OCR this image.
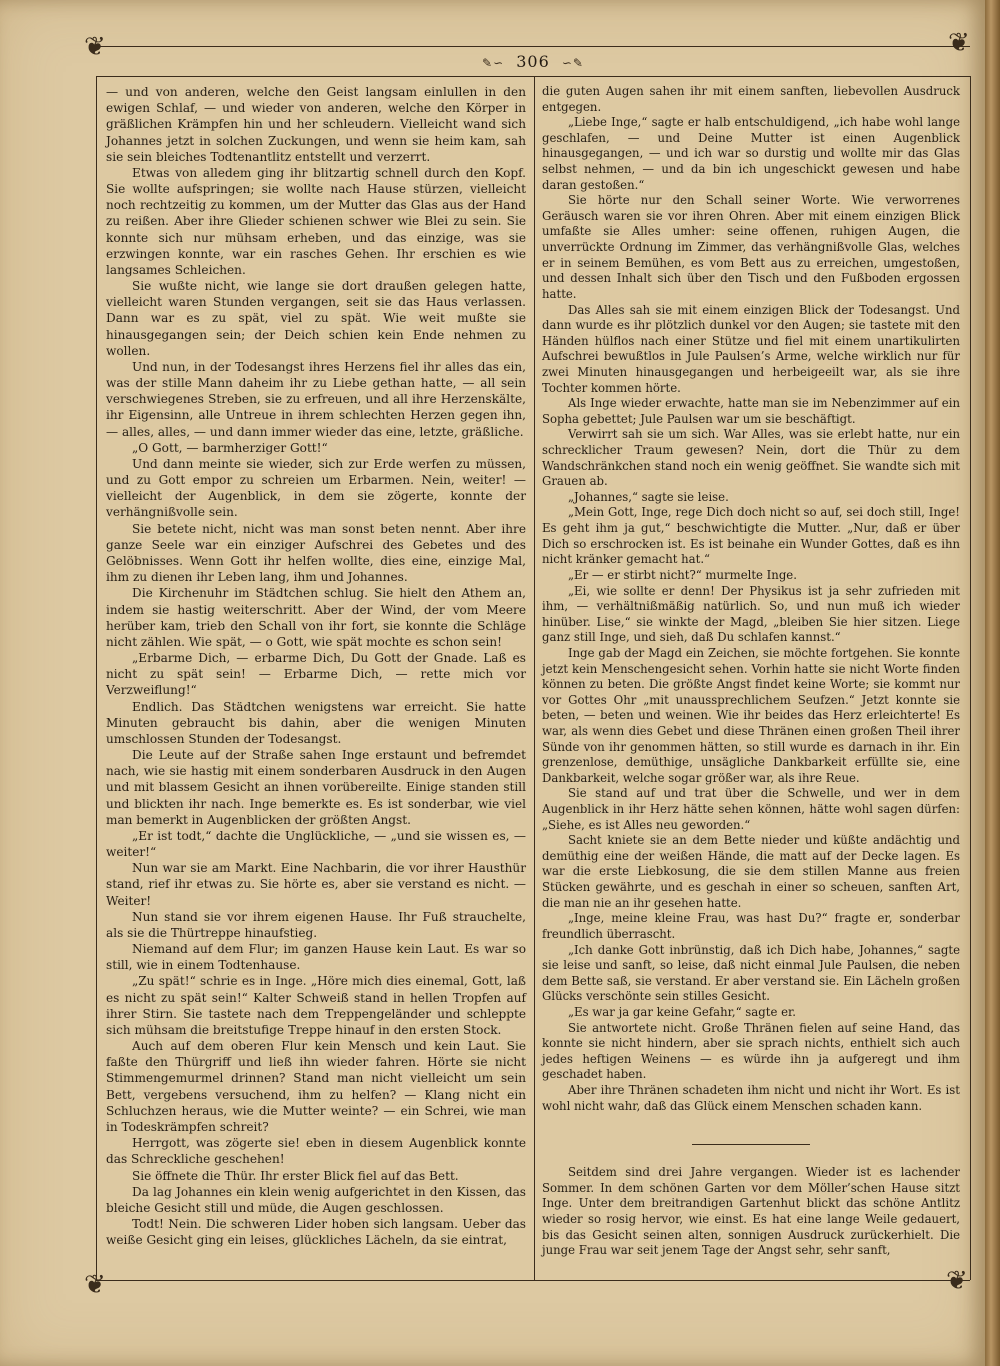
❦	❦
❦	❦
✎∽ 306 ∽✎

— und von anderen, welche den Geist langsam einlullen in den ewigen Schlaf, — und wieder von anderen, welche den Körper in gräßlichen Krämpfen hin und her schleudern. Vielleicht wand sich Johannes jetzt in solchen Zuckungen, und wenn sie heim kam, sah sie sein bleiches Todtenantlitz entstellt und verzerrt.

Etwas von alledem ging ihr blitzartig schnell durch den Kopf. Sie wollte aufspringen; sie wollte nach Hause stürzen, vielleicht noch rechtzeitig zu kommen, um der Mutter das Glas aus der Hand zu reißen. Aber ihre Glieder schienen schwer wie Blei zu sein. Sie konnte sich nur mühsam erheben, und das einzige, was sie erzwingen konnte, war ein rasches Gehen. Ihr erschien es wie langsames Schleichen.

Sie wußte nicht, wie lange sie dort draußen gelegen hatte, vielleicht waren Stunden vergangen, seit sie das Haus verlassen. Dann war es zu spät, viel zu spät. Wie weit mußte sie hinausgegangen sein; der Deich schien kein Ende nehmen zu wollen.

Und nun, in der Todesangst ihres Herzens fiel ihr alles das ein, was der stille Mann daheim ihr zu Liebe gethan hatte, — all sein verschwiegenes Streben, sie zu erfreuen, und all ihre Herzenskälte, ihr Eigensinn, alle Untreue in ihrem schlechten Herzen gegen ihn, — alles, alles, — und dann immer wieder das eine, letzte, gräßliche.

„O Gott, — barmherziger Gott!“

Und dann meinte sie wieder, sich zur Erde werfen zu müssen, und zu Gott empor zu schreien um Erbarmen. Nein, weiter! — vielleicht der Augenblick, in dem sie zögerte, konnte der verhängnißvolle sein.

Sie betete nicht, nicht was man sonst beten nennt. Aber ihre ganze Seele war ein einziger Aufschrei des Gebetes und des Gelöbnisses. Wenn Gott ihr helfen wollte, dies eine, einzige Mal, ihm zu dienen ihr Leben lang, ihm und Johannes.

Die Kirchenuhr im Städtchen schlug. Sie hielt den Athem an, indem sie hastig weiterschritt. Aber der Wind, der vom Meere herüber kam, trieb den Schall von ihr fort, sie konnte die Schläge nicht zählen. Wie spät, — o Gott, wie spät mochte es schon sein!

„Erbarme Dich, — erbarme Dich, Du Gott der Gnade. Laß es nicht zu spät sein! — Erbarme Dich, — rette mich vor Verzweiflung!“

Endlich. Das Städtchen wenigstens war erreicht. Sie hatte Minuten gebraucht bis dahin, aber die wenigen Minuten umschlossen Stunden der Todesangst.

Die Leute auf der Straße sahen Inge erstaunt und befremdet nach, wie sie hastig mit einem sonderbaren Ausdruck in den Augen und mit blassem Gesicht an ihnen vorübereilte. Einige standen still und blickten ihr nach. Inge bemerkte es. Es ist sonderbar, wie viel man bemerkt in Augenblicken der größten Angst.

„Er ist todt,“ dachte die Unglückliche, — „und sie wissen es, — weiter!“

Nun war sie am Markt. Eine Nachbarin, die vor ihrer Hausthür stand, rief ihr etwas zu. Sie hörte es, aber sie verstand es nicht. — Weiter!

Nun stand sie vor ihrem eigenen Hause. Ihr Fuß strauchelte, als sie die Thürtreppe hinaufstieg.

Niemand auf dem Flur; im ganzen Hause kein Laut. Es war so still, wie in einem Todtenhause.

„Zu spät!“ schrie es in Inge. „Höre mich dies einemal, Gott, laß es nicht zu spät sein!“ Kalter Schweiß stand in hellen Tropfen auf ihrer Stirn. Sie tastete nach dem Treppengeländer und schleppte sich mühsam die breitstufige Treppe hinauf in den ersten Stock.

Auch auf dem oberen Flur kein Mensch und kein Laut. Sie faßte den Thürgriff und ließ ihn wieder fahren. Hörte sie nicht Stimmengemurmel drinnen? Stand man nicht vielleicht um sein Bett, vergebens versuchend, ihm zu helfen? — Klang nicht ein Schluchzen heraus, wie die Mutter weinte? — ein Schrei, wie man in Todeskrämpfen schreit?

Herrgott, was zögerte sie! eben in diesem Augenblick konnte das Schreckliche geschehen!

Sie öffnete die Thür. Ihr erster Blick fiel auf das Bett.

Da lag Johannes ein klein wenig aufgerichtet in den Kissen, das bleiche Gesicht still und müde, die Augen geschlossen.

Todt! Nein. Die schweren Lider hoben sich langsam. Ueber das weiße Gesicht ging ein leises, glückliches Lächeln, da sie eintrat,

die guten Augen sahen ihr mit einem sanften, liebevollen Ausdruck entgegen.

„Liebe Inge,“ sagte er halb entschuldigend, „ich habe wohl lange geschlafen, — und Deine Mutter ist einen Augenblick hinausgegangen, — und ich war so durstig und wollte mir das Glas selbst nehmen, — und da bin ich ungeschickt gewesen und habe daran gestoßen.“

Sie hörte nur den Schall seiner Worte. Wie verworrenes Geräusch waren sie vor ihren Ohren. Aber mit einem einzigen Blick umfaßte sie Alles umher: seine offenen, ruhigen Augen, die unverrückte Ordnung im Zimmer, das verhängnißvolle Glas, welches er in seinem Bemühen, es vom Bett aus zu erreichen, umgestoßen, und dessen Inhalt sich über den Tisch und den Fußboden ergossen hatte.

Das Alles sah sie mit einem einzigen Blick der Todesangst. Und dann wurde es ihr plötzlich dunkel vor den Augen; sie tastete mit den Händen hülflos nach einer Stütze und fiel mit einem unartikulirten Aufschrei bewußtlos in Jule Paulsen’s Arme, welche wirklich nur für zwei Minuten hinausgegangen und herbeigeeilt war, als sie ihre Tochter kommen hörte.

Als Inge wieder erwachte, hatte man sie im Nebenzimmer auf ein Sopha gebettet; Jule Paulsen war um sie beschäftigt.

Verwirrt sah sie um sich. War Alles, was sie erlebt hatte, nur ein schrecklicher Traum gewesen? Nein, dort die Thür zu dem Wandschränkchen stand noch ein wenig geöffnet. Sie wandte sich mit Grauen ab.

„Johannes,“ sagte sie leise.

„Mein Gott, Inge, rege Dich doch nicht so auf, sei doch still, Inge! Es geht ihm ja gut,“ beschwichtigte die Mutter. „Nur, daß er über Dich so erschrocken ist. Es ist beinahe ein Wunder Gottes, daß es ihn nicht kränker gemacht hat.“

„Er — er stirbt nicht?“ murmelte Inge.

„Ei, wie sollte er denn! Der Physikus ist ja sehr zufrieden mit ihm, — verhältnißmäßig natürlich. So, und nun muß ich wieder hinüber. Lise,“ sie winkte der Magd, „bleiben Sie hier sitzen. Liege ganz still Inge, und sieh, daß Du schlafen kannst.“

Inge gab der Magd ein Zeichen, sie möchte fortgehen. Sie konnte jetzt kein Menschengesicht sehen. Vorhin hatte sie nicht Worte finden können zu beten. Die größte Angst findet keine Worte; sie kommt nur vor Gottes Ohr „mit unaussprechlichem Seufzen.“ Jetzt konnte sie beten, — beten und weinen. Wie ihr beides das Herz erleichterte! Es war, als wenn dies Gebet und diese Thränen einen großen Theil ihrer Sünde von ihr genommen hätten, so still wurde es darnach in ihr. Ein grenzenlose, demüthige, unsägliche Dankbarkeit erfüllte sie, eine Dankbarkeit, welche sogar größer war, als ihre Reue.

Sie stand auf und trat über die Schwelle, und wer in dem Augenblick in ihr Herz hätte sehen können, hätte wohl sagen dürfen: „Siehe, es ist Alles neu geworden.“

Sacht kniete sie an dem Bette nieder und küßte andächtig und demüthig eine der weißen Hände, die matt auf der Decke lagen. Es war die erste Liebkosung, die sie dem stillen Manne aus freien Stücken gewährte, und es geschah in einer so scheuen, sanften Art, die man nie an ihr gesehen hatte.

„Inge, meine kleine Frau, was hast Du?“ fragte er, sonderbar freundlich überrascht.

„Ich danke Gott inbrünstig, daß ich Dich habe, Johannes,“ sagte sie leise und sanft, so leise, daß nicht einmal Jule Paulsen, die neben dem Bette saß, sie verstand. Er aber verstand sie. Ein Lächeln großen Glücks verschönte sein stilles Gesicht.

„Es war ja gar keine Gefahr,“ sagte er.

Sie antwortete nicht. Große Thränen fielen auf seine Hand, das konnte sie nicht hindern, aber sie sprach nichts, enthielt sich auch jedes heftigen Weinens — es würde ihn ja aufgeregt und ihm geschadet haben.

Aber ihre Thränen schadeten ihm nicht und nicht ihr Wort. Es ist wohl nicht wahr, daß das Glück einem Menschen schaden kann.

Seitdem sind drei Jahre vergangen. Wieder ist es lachender Sommer. In dem schönen Garten vor dem Möller’schen Hause sitzt Inge. Unter dem breitrandigen Gartenhut blickt das schöne Antlitz wieder so rosig hervor, wie einst. Es hat eine lange Weile gedauert, bis das Gesicht seinen alten, sonnigen Ausdruck zurückerhielt. Die junge Frau war seit jenem Tage der Angst sehr, sehr sanft,
